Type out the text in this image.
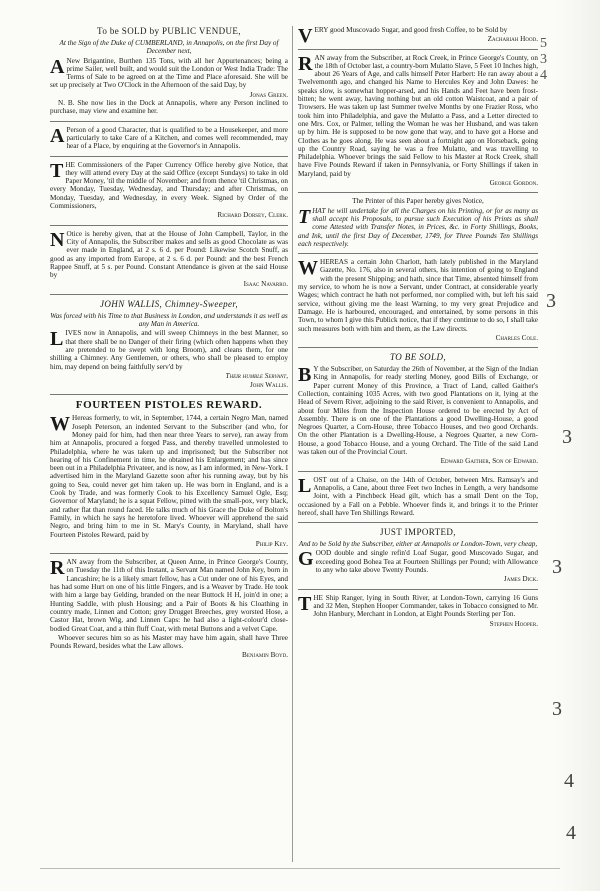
To be SOLD by PUBLIC VENDUE,

At the Sign of the Duke of CUMBERLAND, in Annapolis, on the first Day of December next,

A New Brigantine, Burthen 135 Tons, with all her Appurtenances; being a prime Sailer, well built, and would suit the London or West India Trade: The Terms of Sale to be agreed on at the Time and Place aforesaid. She will be set up precisely at Two O'Clock in the Afternoon of the said Day, by

Jonas Green.

N. B. She now lies in the Dock at Annapolis, where any Person inclined to purchase, may view and examine her.

A Person of a good Character, that is qualified to be a Housekeeper, and more particularly to take Care of a Kitchen, and comes well recommended, may hear of a Place, by enquiring at the Governor's in Annapolis.

THE Commissioners of the Paper Currency Office hereby give Notice, that they will attend every Day at the said Office (except Sundays) to take in old Paper Money, 'til the middle of November; and from thence 'til Christmas, on every Monday, Tuesday, Wednesday, and Thursday; and after Christmas, on Monday, Tuesday, and Wednesday, in every Week. Signed by Order of the Commissioners,

Richard Dorsey, Clerk.

N Otice is hereby given, that at the House of John Campbell, Taylor, in the City of Annapolis, the Subscriber makes and sells as good Chocolate as was ever made in England, at 2 s. 6 d. per Pound: Likewise Scotch Snuff, as good as any imported from Europe, at 2 s. 6 d. per Pound: and the best French Rappee Snuff, at 5 s. per Pound. Constant Attendance is given at the said House by

Isaac Navarro.
JOHN WALLIS, Chimney-Sweeper,

Was forced with his Time to that Business in London, and understands it as well as any Man in America.

LIVES now in Annapolis, and will sweep Chimneys in the best Manner, so that there shall be no Danger of their firing (which often happens when they are pretended to be swept with long Broom), and cleans them, for one shilling a Chimney. Any Gentlemen, or others, who shall be pleased to employ him, may depend on being faithfully serv'd by

Their humble Servant,
John Wallis.
FOURTEEN PISTOLES REWARD.

W Hereas formerly, to wit, in September, 1744, a certain Negro Man, named Joseph Peterson, an indented Servant to the Subscriber (and who, for Money paid for him, had then near three Years to serve), ran away from him at Annapolis, procured a forged Pass, and thereby travelled unmolested to Philadelphia, where he was taken up and imprisoned; but the Subscriber not hearing of his Confinement in time, he obtained his Enlargement; and has since been out in a Philadelphia Privateer, and is now, as I am informed, in New-York. I advertised him in the Maryland Gazette soon after his running away, but by his going to Sea, could never get him taken up. He was born in England, and is a Cook by Trade, and was formerly Cook to his Excellency Samuel Ogle, Esq; Governor of Maryland; he is a squat Fellow, pitted with the small-pox, very black, and rather flat than round faced. He talks much of his Grace the Duke of Bolton's Family, in which he says he heretofore lived. Whoever will apprehend the said Negro, and bring him to me in St. Mary's County, in Maryland, shall have Fourteen Pistoles Reward, paid by

Philip Key.

RAN away from the Subscriber, at Queen Anne, in Prince George's County, on Tuesday the 11th of this Instant, a Servant Man named John Key, born in Lancashire; he is a likely smart fellow, has a Cut under one of his Eyes, and has had some Hurt on one of his little Fingers, and is a Weaver by Trade. He took with him a large bay Gelding, branded on the near Buttock H H, join'd in one; a Hunting Saddle, with plush Housing; and a Pair of Boots & his Cloathing in country made, Linnen and Cotton; grey Drugget Breeches, grey worsted Hose, a Castor Hat, brown Wig, and Linnen Caps: he had also a light-colour'd close-bodied Great Coat, and a thin fluff Coat, with metal Buttons and a velvet Cape.

Whoever secures him so as his Master may have him again, shall have Three Pounds Reward, besides what the Law allows.

Benjamin Boyd.

VERY good Muscovado Sugar, and good fresh Coffee, to be Sold by

Zachariah Hood.

RAN away from the Subscriber, at Rock Creek, in Prince George's County, on the 18th of October last, a country-born Mulatto Slave, 5 Feet 10 Inches high, about 26 Years of Age, and calls himself Peter Harbert: He ran away about a Twelvemonth ago, and changed his Name to Hercules Key and John Dawes: he speaks slow, is somewhat hopper-arsed, and his Hands and Feet have been frost-bitten; he went away, having nothing but an old cotton Waistcoat, and a pair of Trowsers. He was taken up last Summer twelve Months by one Frazier Ross, who took him into Philadelphia, and gave the Mulatto a Pass, and a Letter directed to one Mrs. Cox, or Palmer, telling the Woman he was her Husband, and was taken up by him. He is supposed to be now gone that way, and to have got a Horse and Clothes as he goes along. He was seen about a fortnight ago on Horseback, going up the Country Road, saying he was a free Mulatto, and was travelling to Philadelphia. Whoever brings the said Fellow to his Master at Rock Creek, shall have Five Pounds Reward if taken in Pennsylvania, or Forty Shillings if taken in Maryland, paid by

George Gordon.

The Printer of this Paper hereby gives Notice,

THAT he will undertake for all the Charges on his Printing, or for as many as shall accept his Proposals, to pursue such Execution of his Prints as shall come Attested with Transfer Notes, in Prices, &c. in Forty Shillings, Books, and Ink, until the first Day of December, 1749, for Three Pounds Ten Shillings each respectively.

WHEREAS a certain John Charlott, hath lately published in the Maryland Gazette, No. 176, also in several others, his intention of going to England with the present Shipping; and hath, since that Time, absented himself from my service, to whom he is now a Servant, under Contract, at considerable yearly Wages; which contract he hath not performed, nor complied with, but left his said service, without giving me the least Warning, to my very great Prejudice and Damage. He is harboured, encouraged, and entertained, by some persons in this Town, to whom I give this Publick notice, that if they continue to do so, I shall take such measures both with him and them, as the Law directs.

Charles Cole.
TO BE SOLD,

B Y the Subscriber, on Saturday the 26th of November, at the Sign of the Indian King in Annapolis, for ready sterling Money, good Bills of Exchange, or Paper current Money of this Province, a Tract of Land, called Gaither's Collection, containing 1035 Acres, with two good Plantations on it, lying at the Head of Severn River, adjoining to the said River, is convenient to Annapolis, and about four Miles from the Inspection House ordered to be erected by Act of Assembly. There is on one of the Plantations a good Dwelling-House, a good Negroes Quarter, a Corn-House, three Tobacco Houses, and two good Orchards. On the other Plantation is a Dwelling-House, a Negroes Quarter, a new Corn-House, a good Tobacco House, and a young Orchard. The Title of the said Land was taken out of the Provincial Court.

Edward Gaither, Son of Edward.

LOST out of a Chaise, on the 14th of October, between Mrs. Ramsay's and Annapolis, a Cane, about three Feet two Inches in Length, a very handsome Joint, with a Pinchbeck Head gilt, which has a small Dent on the Top, occasioned by a Fall on a Pebble. Whoever finds it, and brings it to the Printer hereof, shall have Ten Shillings Reward.

JUST IMPORTED,

And to be Sold by the Subscriber, either at Annapolis or London-Town, very cheap,

GOOD double and single refin'd Loaf Sugar, good Muscovado Sugar, and exceeding good Bohea Tea at Fourteen Shillings per Pound; with Allowance to any who take above Twenty Pounds.

James Dick.

THE Ship Ranger, lying in South River, at London-Town, carrying 16 Guns and 32 Men, Stephen Hooper Commander, takes in Tobacco consigned to Mr. John Hanbury, Merchant in London, at Eight Pounds Sterling per Ton.

Stephen Hooper.
3
3
3
3
4
4
5
3
4
